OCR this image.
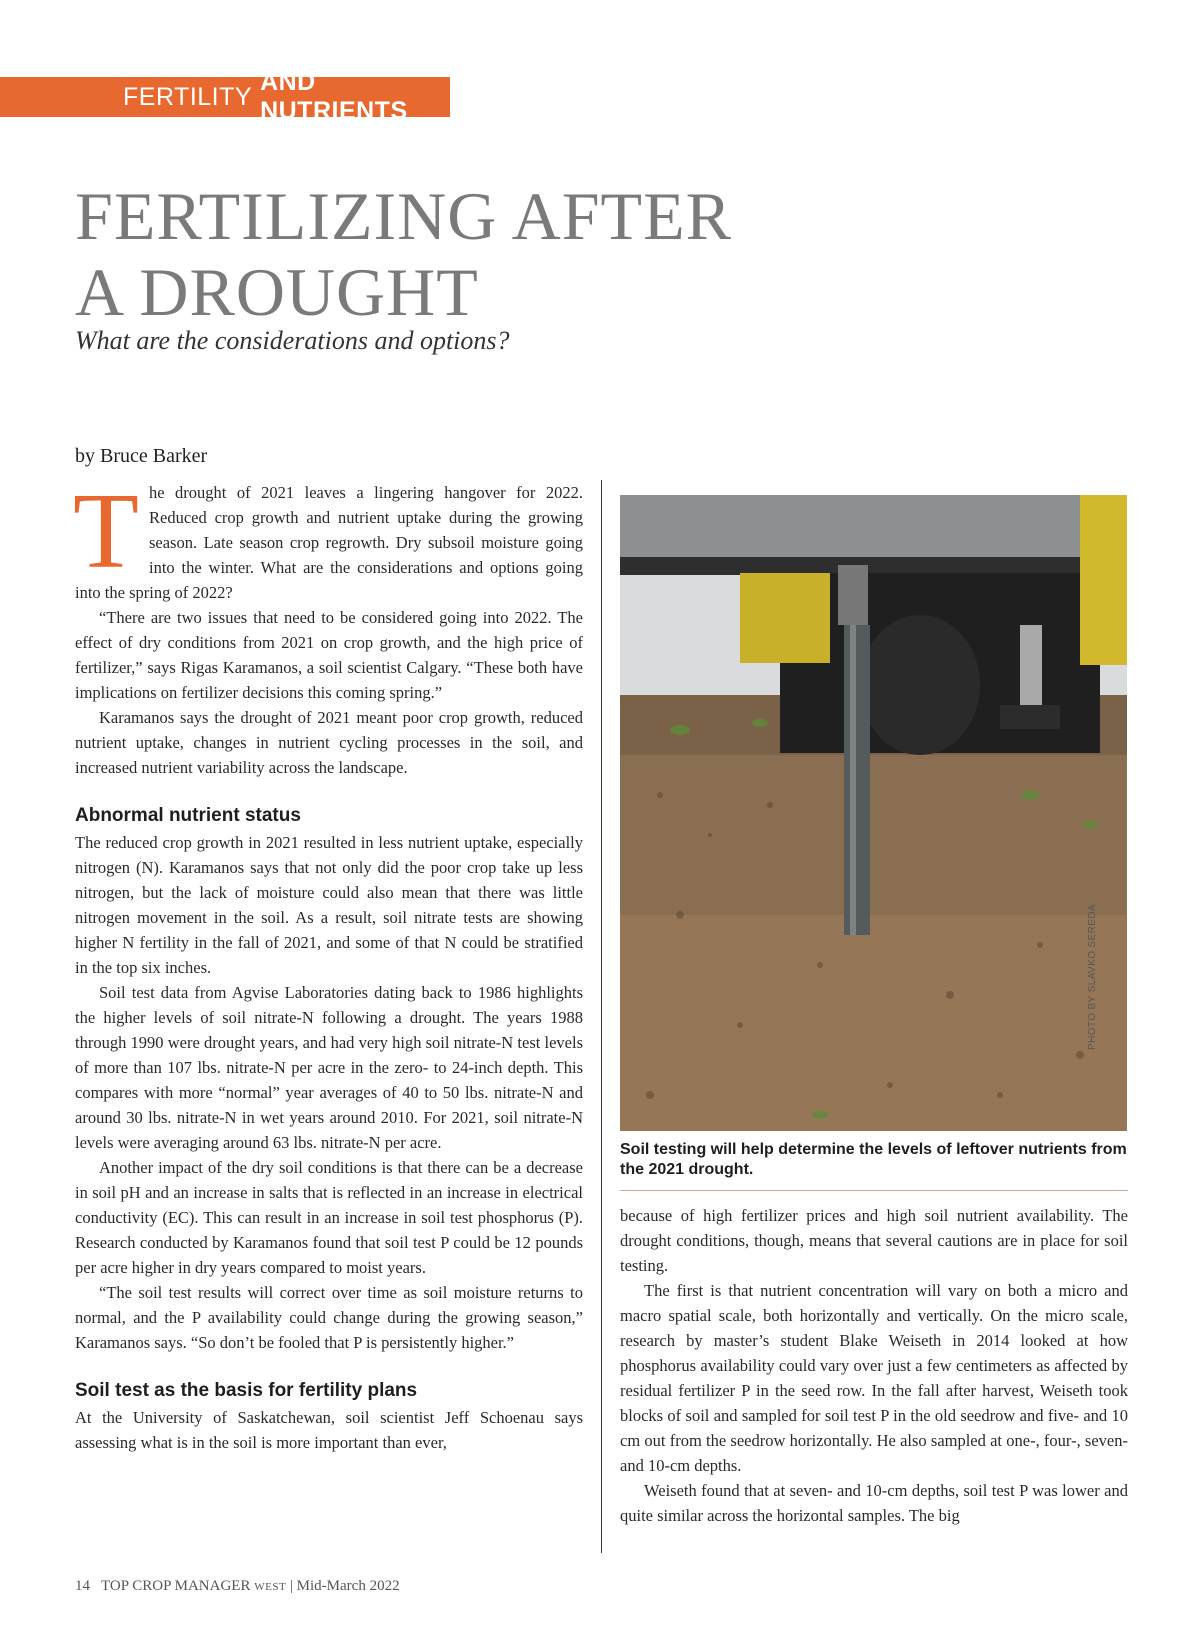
FERTILITY
AND NUTRIENTS
FERTILIZING AFTER
A DROUGHT

What are the considerations and options?

by Bruce Barker

The drought of 2021 leaves a lingering hangover for 2022. Reduced crop growth and nutrient uptake during the growing season. Late season crop regrowth. Dry subsoil moisture going into the winter. What are the considerations and options going into the spring of 2022?

“There are two issues that need to be considered going into 2022. The effect of dry conditions from 2021 on crop growth, and the high price of fertilizer,” says Rigas Karamanos, a soil scientist Calgary. “These both have implications on fertilizer decisions this coming spring.”

Karamanos says the drought of 2021 meant poor crop growth, reduced nutrient uptake, changes in nutrient cycling processes in the soil, and increased nutrient variability across the landscape.

Abnormal nutrient status

The reduced crop growth in 2021 resulted in less nutrient uptake, especially nitrogen (N). Karamanos says that not only did the poor crop take up less nitrogen, but the lack of moisture could also mean that there was little nitrogen movement in the soil. As a result, soil nitrate tests are showing higher N fertility in the fall of 2021, and some of that N could be stratified in the top six inches.

Soil test data from Agvise Laboratories dating back to 1986 highlights the higher levels of soil nitrate-N following a drought. The years 1988 through 1990 were drought years, and had very high soil nitrate-N test levels of more than 107 lbs. nitrate-N per acre in the zero- to 24-inch depth. This compares with more “normal” year averages of 40 to 50 lbs. nitrate-N and around 30 lbs. nitrate-N in wet years around 2010. For 2021, soil nitrate-N levels were averaging around 63 lbs. nitrate-N per acre.

Another impact of the dry soil conditions is that there can be a decrease in soil pH and an increase in salts that is reflected in an increase in electrical conductivity (EC). This can result in an increase in soil test phosphorus (P). Research conducted by Karamanos found that soil test P could be 12 pounds per acre higher in dry years compared to moist years.

“The soil test results will correct over time as soil moisture returns to normal, and the P availability could change during the growing season,” Karamanos says. “So don’t be fooled that P is persistently higher.”

Soil test as the basis for fertility plans

At the University of Saskatchewan, soil scientist Jeff Schoenau says assessing what is in the soil is more important than ever,

PHOTO BY SLAVKO SEREDA

Soil testing will help determine the levels of leftover nutrients from the 2021 drought.

because of high fertilizer prices and high soil nutrient availability. The drought conditions, though, means that several cautions are in place for soil testing.

The first is that nutrient concentration will vary on both a micro and macro spatial scale, both horizontally and vertically. On the micro scale, research by master’s student Blake Weiseth in 2014 looked at how phosphorus availability could vary over just a few centimeters as affected by residual fertilizer P in the seed row. In the fall after harvest, Weiseth took blocks of soil and sampled for soil test P in the old seedrow and five- and 10 cm out from the seedrow horizontally. He also sampled at one-, four-, seven- and 10-cm depths.

Weiseth found that at seven- and 10-cm depths, soil test P was lower and quite similar across the horizontal samples. The big

14 TOP CROP MANAGER WEST | Mid-March 2022
